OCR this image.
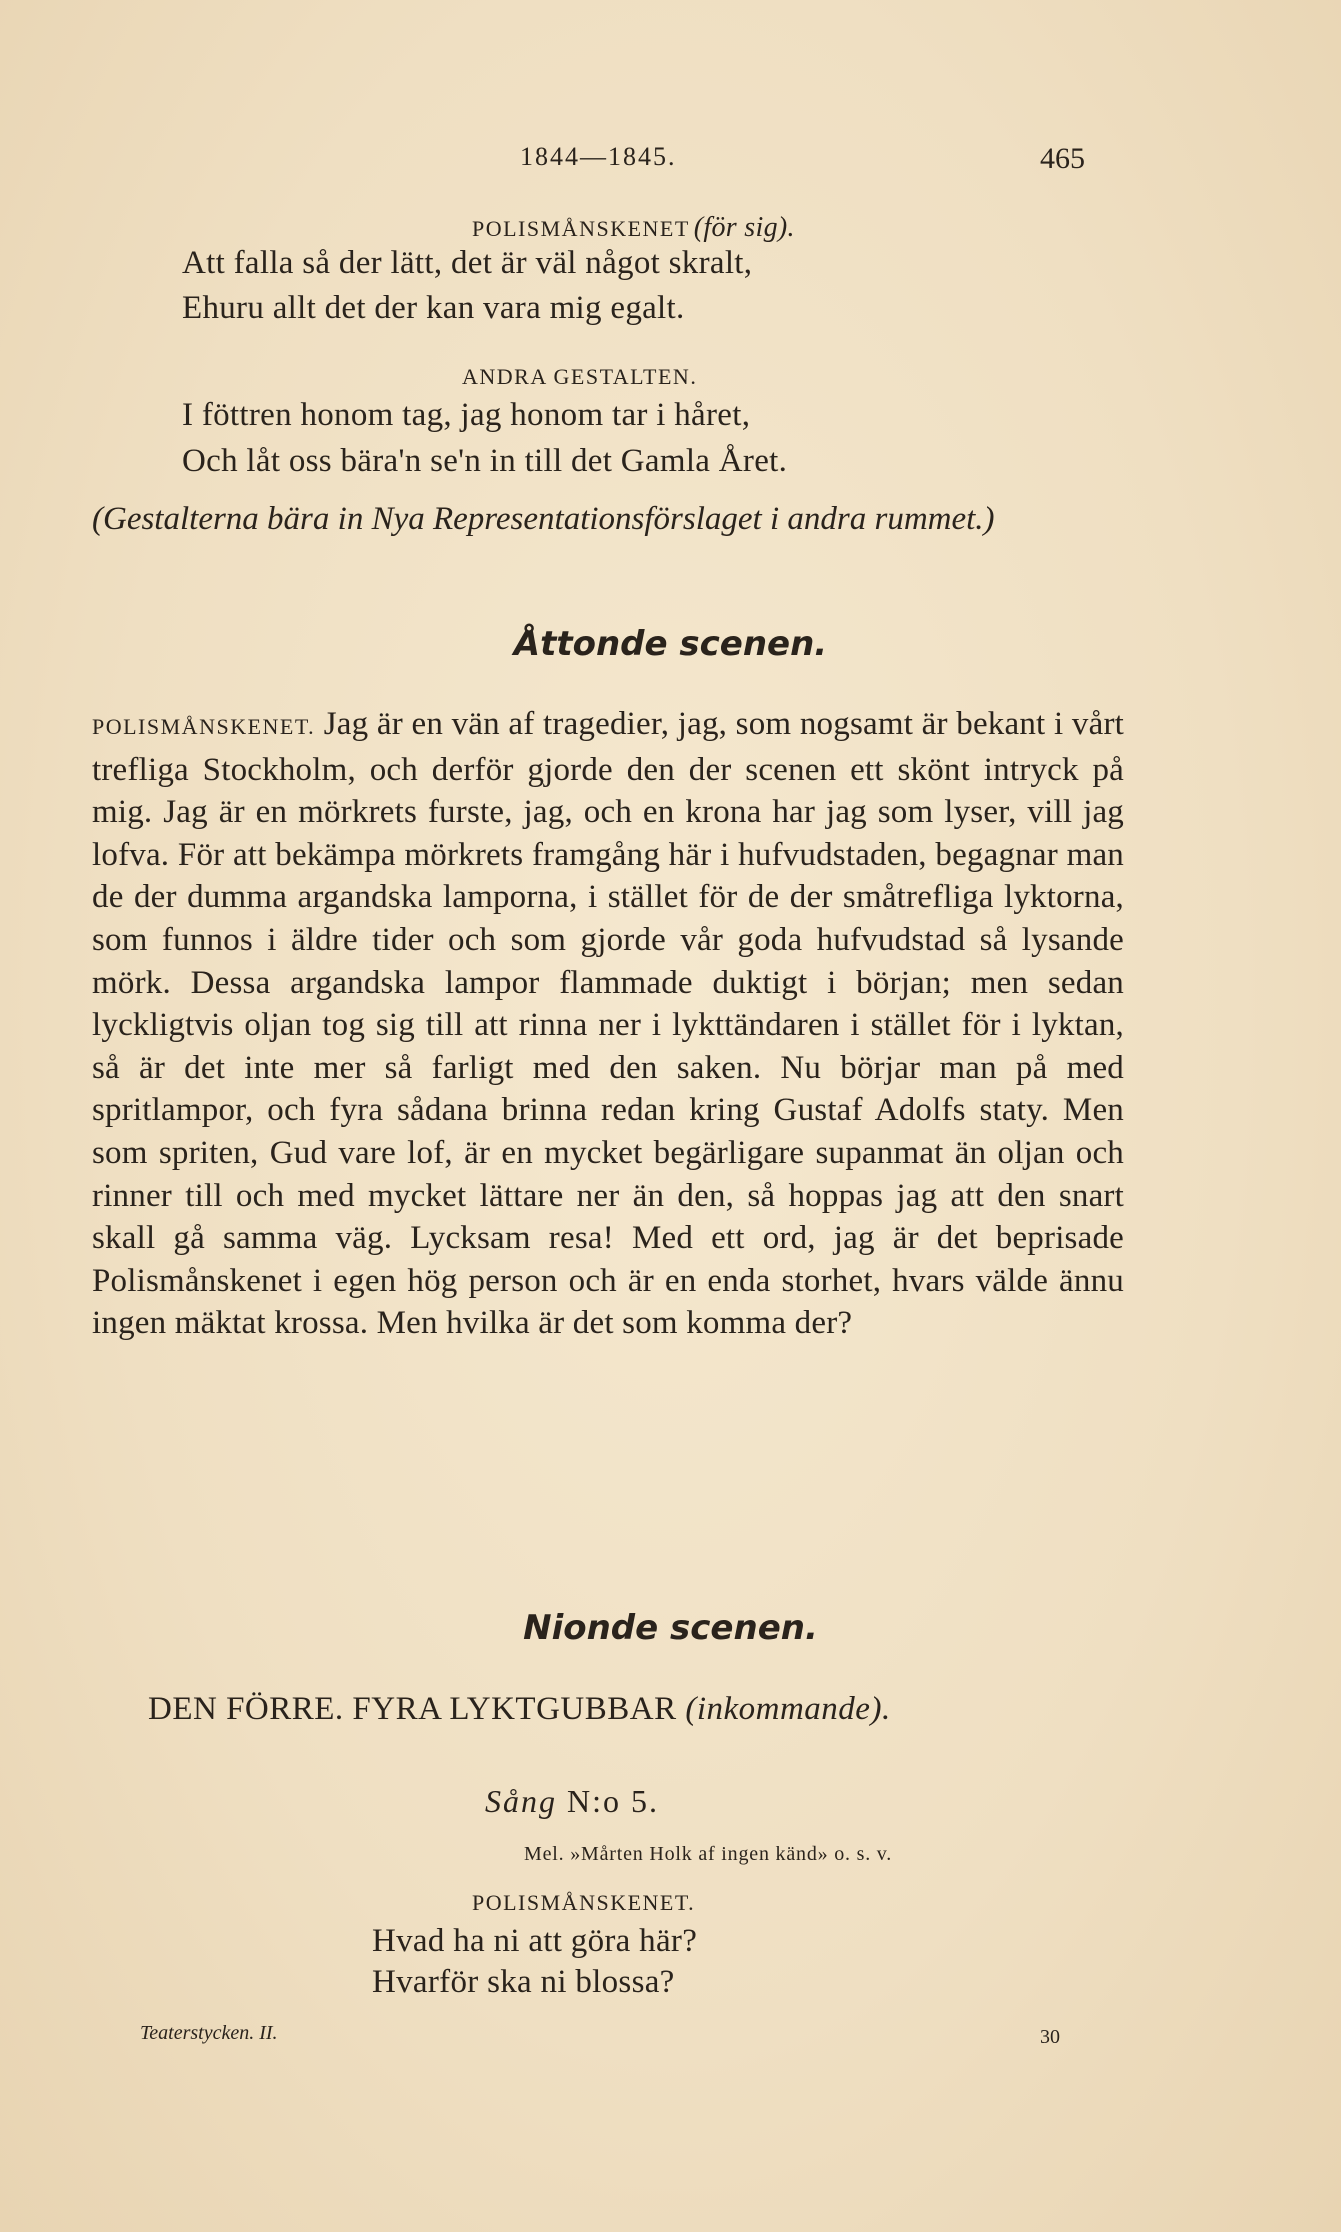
1844—1845.	465
POLISMÅNSKENET (för sig).
Att falla så der lätt, det är väl något skralt,
Ehuru allt det der kan vara mig egalt.
ANDRA GESTALTEN.
I föttren honom tag, jag honom tar i håret,
Och låt oss bära'n se'n in till det Gamla Året.
(Gestalterna bära in Nya Representationsförslaget i andra rummet.)
Åttonde scenen.
POLISMÅNSKENET. Jag är en vän af tragedier, jag, som nogsamt är bekant i vårt trefliga Stockholm, och derför gjorde den der scenen ett skönt intryck på mig. Jag är en mörkrets furste, jag, och en krona har jag som lyser, vill jag lofva. För att bekämpa mörkrets framgång här i hufvudstaden, begagnar man de der dumma argandska lamporna, i stället för de der småtrefliga lyktorna, som funnos i äldre tider och som gjorde vår goda hufvudstad så lysande mörk. Dessa argandska lampor flammade duktigt i början; men sedan lyckligtvis oljan tog sig till att rinna ner i lykttändaren i stället för i lyktan, så är det inte mer så farligt med den saken. Nu börjar man på med spritlampor, och fyra sådana brinna redan kring Gustaf Adolfs staty. Men som spriten, Gud vare lof, är en mycket begärligare supanmat än oljan och rinner till och med mycket lättare ner än den, så hoppas jag att den snart skall gå samma väg. Lycksam resa! Med ett ord, jag är det beprisade Polismånskenet i egen hög person och är en enda storhet, hvars välde ännu ingen mäktat krossa. Men hvilka är det som komma der?
Nionde scenen.
DEN FÖRRE. FYRA LYKTGUBBAR (inkommande).
Sång N:o 5.
Mel. »Mårten Holk af ingen känd» o. s. v.
POLISMÅNSKENET.
Hvad ha ni att göra här?
Hvarför ska ni blossa?
Teaterstycken. II.	30
